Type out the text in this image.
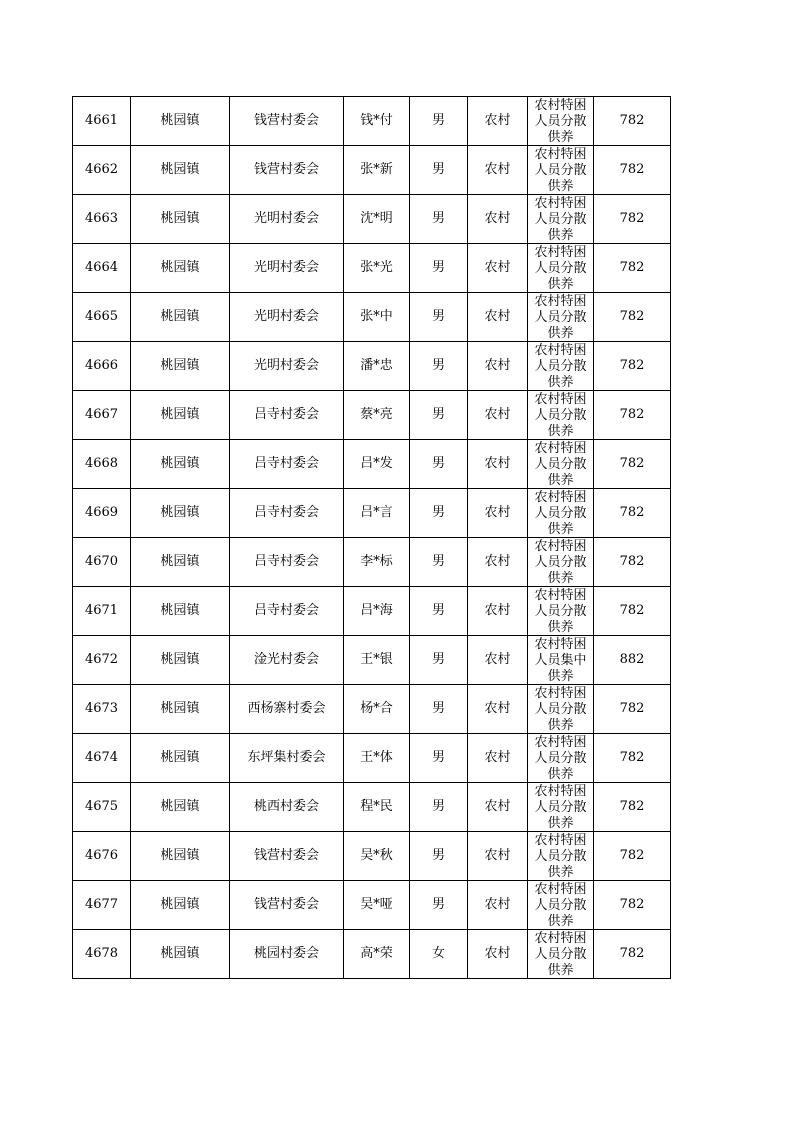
4661	桃园镇	钱营村委会	钱*付	男	农村	农村特困人员分散供养	782
4662	桃园镇	钱营村委会	张*新	男	农村	农村特困人员分散供养	782
4663	桃园镇	光明村委会	沈*明	男	农村	农村特困人员分散供养	782
4664	桃园镇	光明村委会	张*光	男	农村	农村特困人员分散供养	782
4665	桃园镇	光明村委会	张*中	男	农村	农村特困人员分散供养	782
4666	桃园镇	光明村委会	潘*忠	男	农村	农村特困人员分散供养	782
4667	桃园镇	吕寺村委会	蔡*亮	男	农村	农村特困人员分散供养	782
4668	桃园镇	吕寺村委会	吕*发	男	农村	农村特困人员分散供养	782
4669	桃园镇	吕寺村委会	吕*言	男	农村	农村特困人员分散供养	782
4670	桃园镇	吕寺村委会	李*标	男	农村	农村特困人员分散供养	782
4671	桃园镇	吕寺村委会	吕*海	男	农村	农村特困人员分散供养	782
4672	桃园镇	淦光村委会	王*银	男	农村	农村特困人员集中供养	882
4673	桃园镇	西杨寨村委会	杨*合	男	农村	农村特困人员分散供养	782
4674	桃园镇	东坪集村委会	王*体	男	农村	农村特困人员分散供养	782
4675	桃园镇	桃西村委会	程*民	男	农村	农村特困人员分散供养	782
4676	桃园镇	钱营村委会	吴*秋	男	农村	农村特困人员分散供养	782
4677	桃园镇	钱营村委会	吴*哑	男	农村	农村特困人员分散供养	782
4678	桃园镇	桃园村委会	高*荣	女	农村	农村特困人员分散供养	782
